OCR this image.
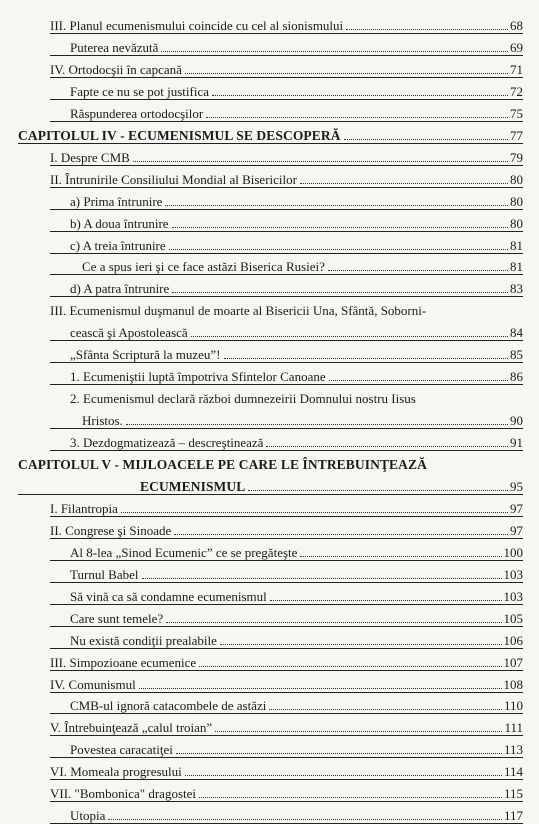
III. Planul ecumenismului coincide cu cel al sionismului	68
Puterea nevăzută	69
IV. Ortodocşii în capcană	71
Fapte ce nu se pot justifica	72
Răspunderea ortodocşilor	75
CAPITOLUL IV - ECUMENISMUL SE DESCOPERĂ	77
I. Despre CMB	79
II. Întrunirile Consiliului Mondial al Bisericilor	80
a) Prima întrunire	80
b) A doua întrunire	80
c) A treia întrunire	81
Ce a spus ieri şi ce face astăzi Biserica Rusiei?	81
d) A patra întrunire	83
III. Ecumenismul duşmanul de moarte al Bisericii Una, Sfântă, Soborni-
cească şi Apostolească	84
„Sfânta Scriptură la muzeu”!	85
1. Ecumeniştii luptă împotriva Sfintelor Canoane	86
2. Ecumenismul declară război dumnezeirii Domnului nostru Iisus
Hristos.	90
3. Dezdogmatizează – descreştinează	91
CAPITOLUL V - MIJLOACELE PE CARE LE ÎNTREBUINŢEAZĂ
ECUMENISMUL	95
I. Filantropia	97
II. Congrese şi Sinoade	97
Al 8-lea „Sinod Ecumenic” ce se pregăteşte	100
Turnul Babel	103
Să vină ca să condamne ecumenismul	103
Care sunt temele?	105
Nu există condiţii prealabile	106
III. Simpozioane ecumenice	107
IV. Comunismul	108
CMB-ul ignoră catacombele de astăzi	110
V. Întrebuinţează „calul troian”	111
Povestea caracatiţei	113
VI. Momeala progresului	114
VII. "Bombonica" dragostei	115
Utopia	117
